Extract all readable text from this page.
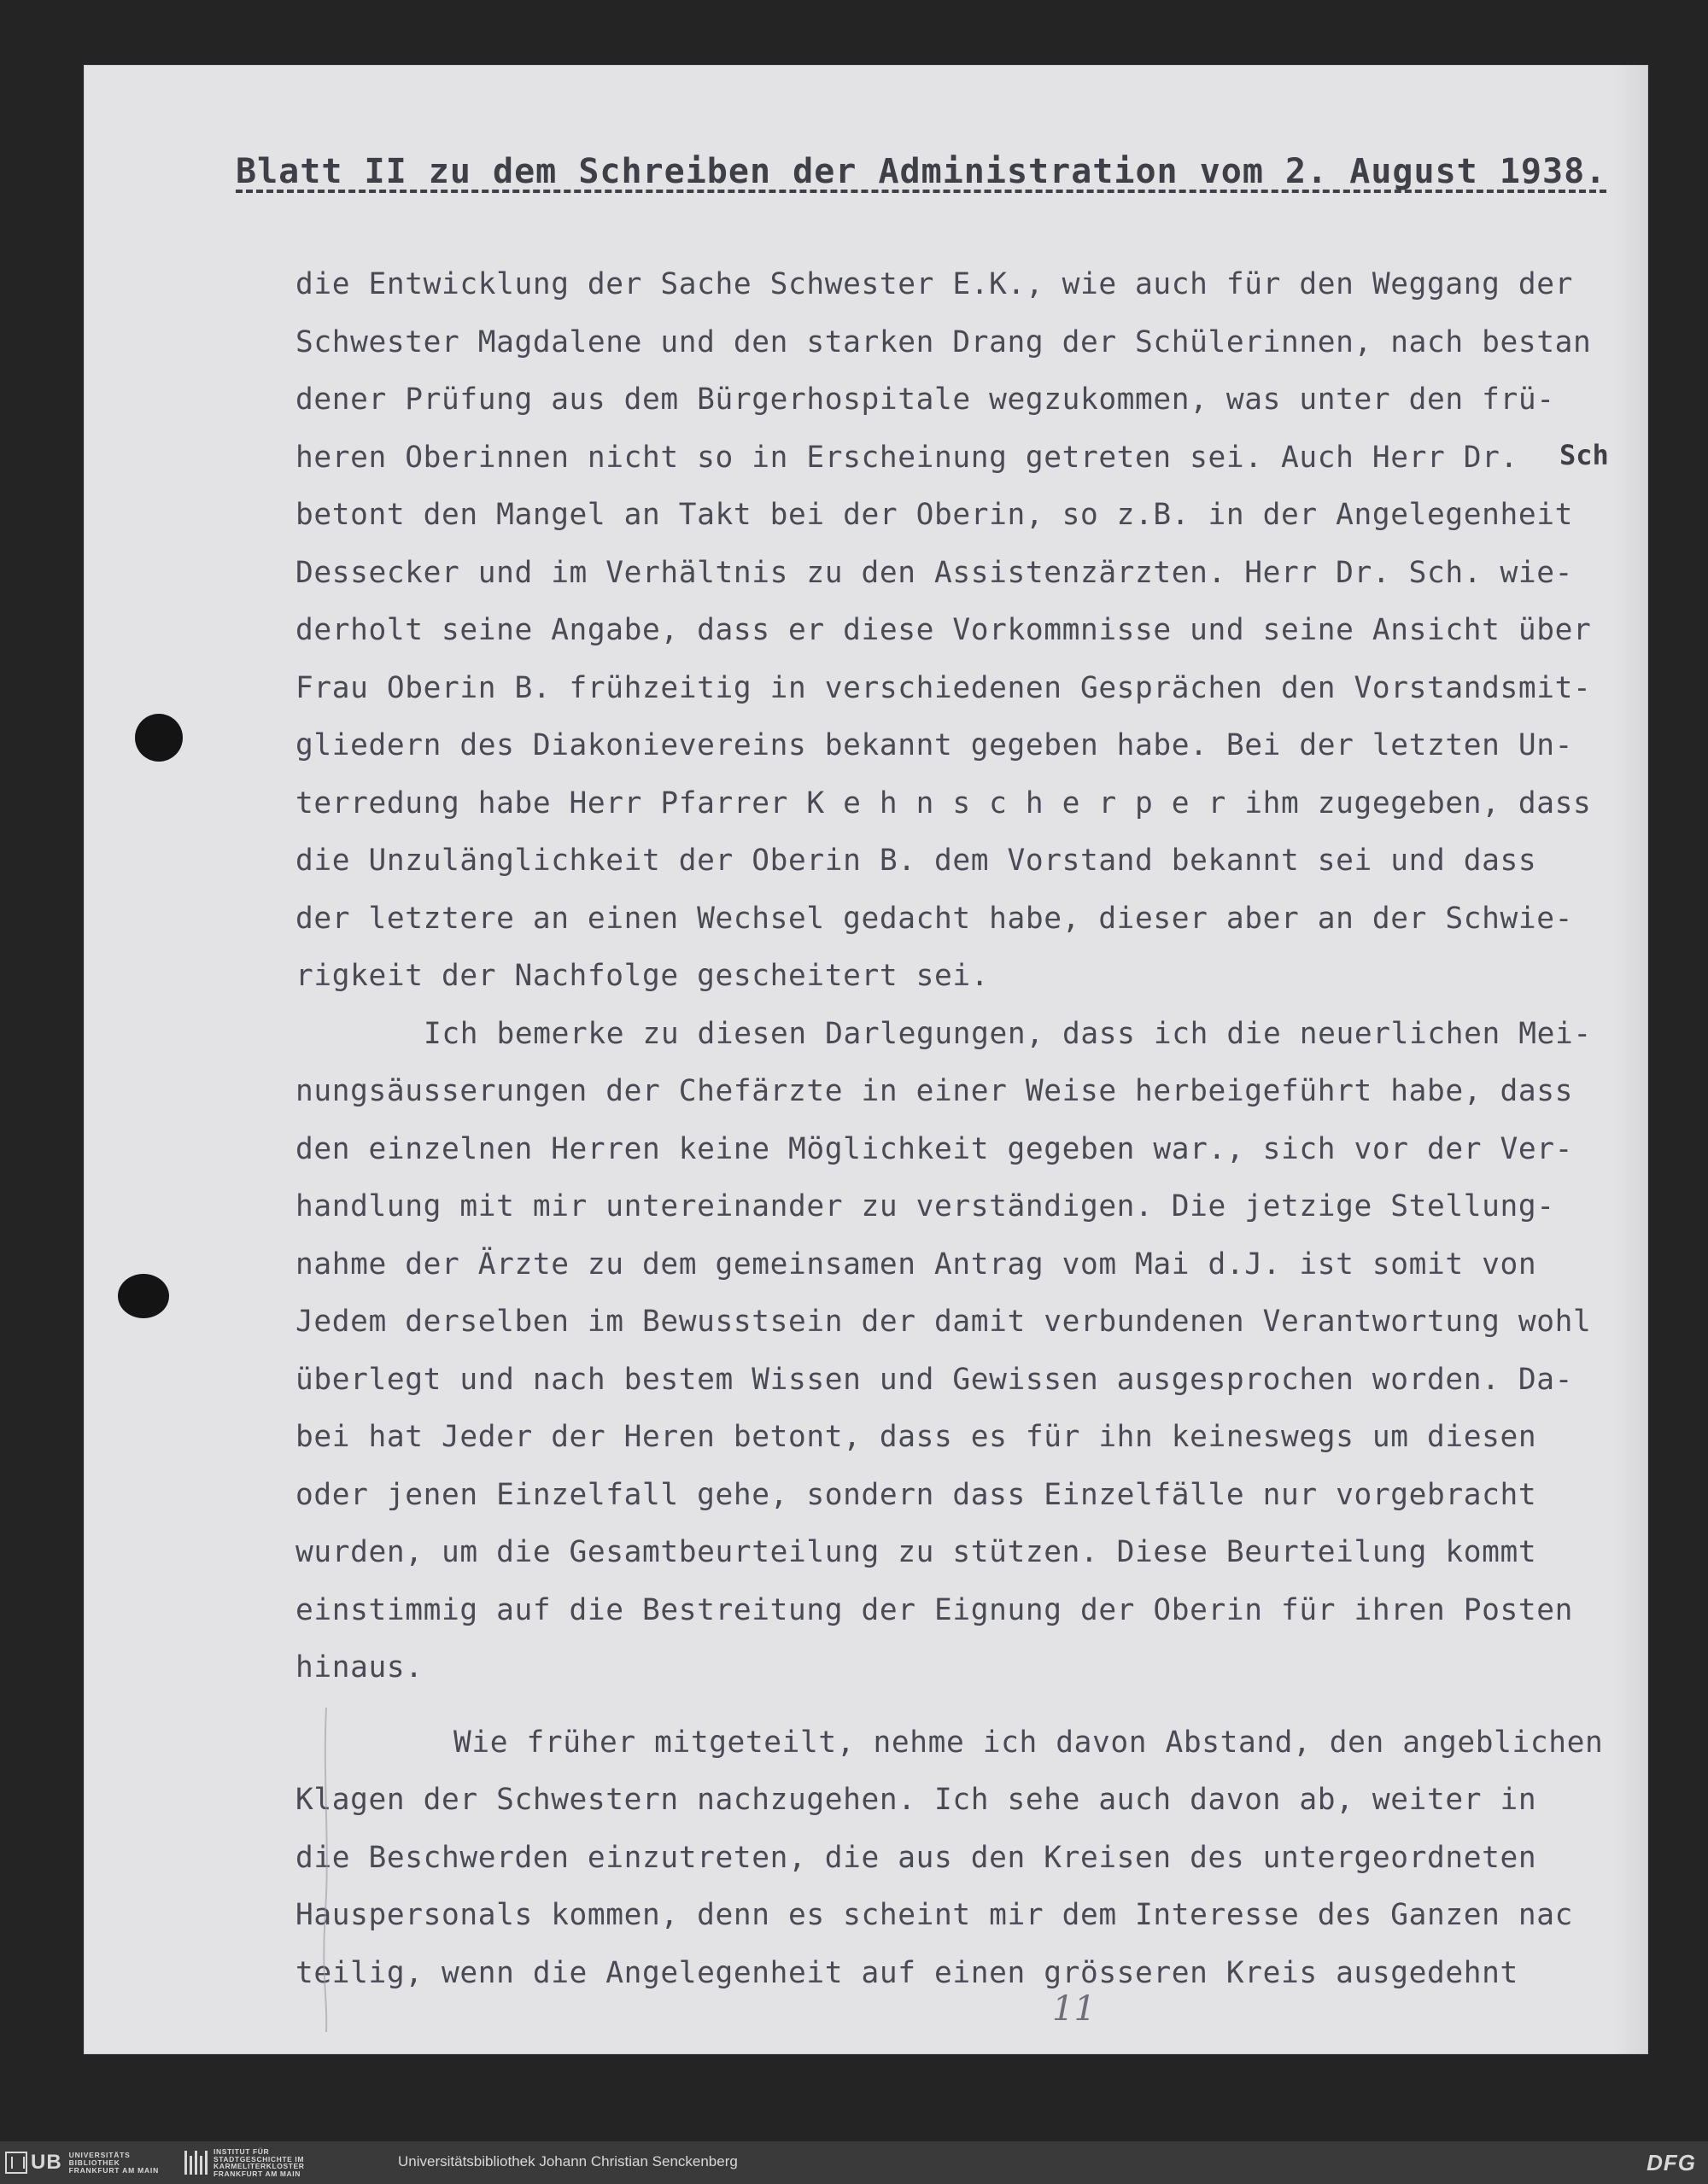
Blatt II zu dem Schreiben der Administration vom 2. August 1938.
Sch
die Entwicklung der Sache Schwester E.K., wie auch für den Weggang der
Schwester Magdalene und den starken Drang der Schülerinnen, nach bestan
dener Prüfung aus dem Bürgerhospitale wegzukommen, was unter den frü-
heren Oberinnen nicht so in Erscheinung getreten sei. Auch Herr Dr.
betont den Mangel an Takt bei der Oberin, so z.B. in der Angelegenheit
Dessecker und im Verhältnis zu den Assistenzärzten. Herr Dr. Sch. wie-
derholt seine Angabe, dass er diese Vorkommnisse und seine Ansicht über
Frau Oberin B. frühzeitig in verschiedenen Gesprächen den Vorstandsmit-
gliedern des Diakonievereins bekannt gegeben habe. Bei der letzten Un-
terredung habe Herr Pfarrer K e h n s c h e r p e r ihm zugegeben, dass
die Unzulänglichkeit der Oberin B. dem Vorstand bekannt sei und dass
der letztere an einen Wechsel gedacht habe, dieser aber an der Schwie-
rigkeit der Nachfolge gescheitert sei.
Ich bemerke zu diesen Darlegungen, dass ich die neuerlichen Mei-
nungsäusserungen der Chefärzte in einer Weise herbeigeführt habe, dass
den einzelnen Herren keine Möglichkeit gegeben war., sich vor der Ver-
handlung mit mir untereinander zu verständigen. Die jetzige Stellung-
nahme der Ärzte zu dem gemeinsamen Antrag vom Mai d.J. ist somit von
Jedem derselben im Bewusstsein der damit verbundenen Verantwortung wohl
überlegt und nach bestem Wissen und Gewissen ausgesprochen worden. Da-
bei hat Jeder der Heren betont, dass es für ihn keineswegs um diesen
oder jenen Einzelfall gehe, sondern dass Einzelfälle nur vorgebracht
wurden, um die Gesamtbeurteilung zu stützen. Diese Beurteilung kommt
einstimmig auf die Bestreitung der Eignung der Oberin für ihren Posten
hinaus.
Wie früher mitgeteilt, nehme ich davon Abstand, den angeblichen
Klagen der Schwestern nachzugehen. Ich sehe auch davon ab, weiter in
die Beschwerden einzutreten, die aus den Kreisen des untergeordneten
Hauspersonals kommen, denn es scheint mir dem Interesse des Ganzen nac
teilig, wenn die Angelegenheit auf einen grösseren Kreis ausgedehnt
11
UB UNIVERSITÄTS BIBLIOTHEK FRANKFURT AM MAIN
INSTITUT FÜR STADTGESCHICHTE IM KARMELITERKLOSTER FRANKFURT AM MAIN
Universitätsbibliothek Johann Christian Senckenberg	DFG
